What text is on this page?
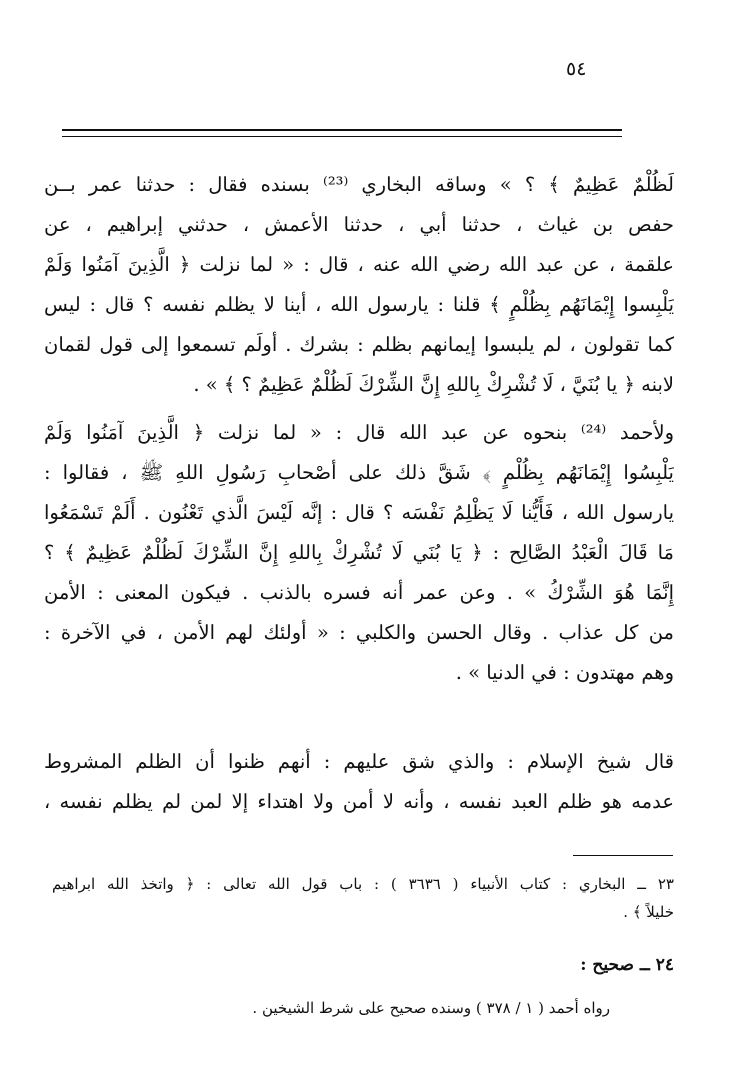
٥٤
لَظُلْمٌ عَظِيمٌ ﴾ ؟ » وساقه البخاري ⁽²³⁾ بسنده فقال : حدثنا عمر بــن
حفص بن غياث ، حدثنا أبي ، حدثنا الأعمش ، حدثني إبراهيم ، عن
علقمة ، عن عبد الله رضي الله عنه ، قال : « لما نزلت ﴿ الَّذِينَ آمَنُوا وَلَمْ
يَلْبِسوا إِيْمَانَهُم بِظُلْمٍ ﴾ قلنا : يارسول الله ، أينا لا يظلم نفسه ؟ قال : ليس
كما تقولون ، لم يلبسوا إيمانهم بظلم : بشرك . أولَم تسمعوا إلى قول لقمان
لابنه ﴿ يا بُنَيَّ ، لَا تُشْرِكْ بِاللهِ إِنَّ الشِّرْكَ لَظُلْمٌ عَظِيمٌ ؟ ﴾ » .
ولأحمد ⁽²⁴⁾ بنحوه عن عبد الله قال : « لما نزلت ﴿ الَّذِينَ آمَنُوا وَلَمْ
يَلْبِسُوا إِيْمَانَهُم بِظُلْمٍ ﴾ شَقَّ ذلك على أصْحابِ رَسُولِ اللهِ ﷺ ، فقالوا :
يارسول الله ، فَأَيُّنا لَا يَظْلِمُ نَفْسَه ؟ قال : إنَّه لَيْسَ الَّذي تَعْنُون . أَلَمْ تَسْمَعُوا
مَا قَالَ الْعَبْدُ الصَّالِح : ﴿ يَا بُنَي لَا تُشْرِكْ بِاللهِ إِنَّ الشِّرْكَ لَظُلْمٌ عَظِيمٌ ﴾ ؟
إِنَّمَا هُوَ الشِّرْكُ » . وعن عمر أنه فسره بالذنب . فيكون المعنى : الأمن
من كل عذاب . وقال الحسن والكلبي : « أولئك لهم الأمن ، في الآخرة :
وهم مهتدون : في الدنيا » .
قال شيخ الإسلام : والذي شق عليهم : أنهم ظنوا أن الظلم المشروط
عدمه هو ظلم العبد نفسه ، وأنه لا أمن ولا اهتداء إلا لمن لم يظلم نفسه ،
٢٣ ــ البخاري : كتاب الأنبياء ( ٣٦٣٦ ) : باب قول الله تعالى : ﴿ واتخذ الله ابراهيم
خليلاً ﴾ .
٢٤ ــ صحيح :
رواه أحمد ( ١ / ٣٧٨ ) وسنده صحيح على شرط الشيخين .
